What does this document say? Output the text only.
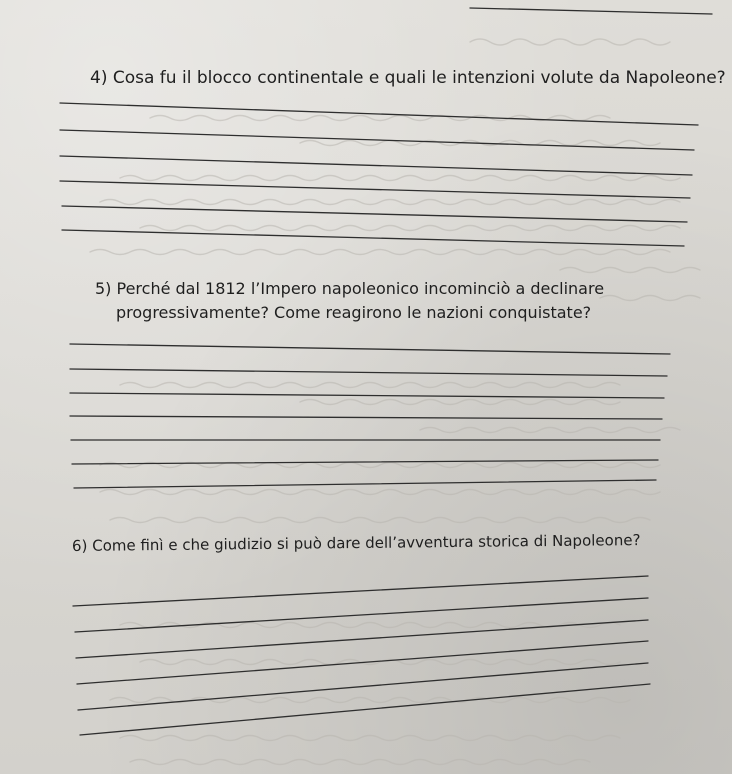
4) Cosa fu il blocco continentale e quali le intenzioni volute da Napoleone?

5) Perché dal 1812 l’Impero napoleonico incominciò a declinare
progressivamente? Come reagirono le nazioni conquistate?

6) Come finì e che giudizio si può dare dell’avventura storica di Napoleone?
